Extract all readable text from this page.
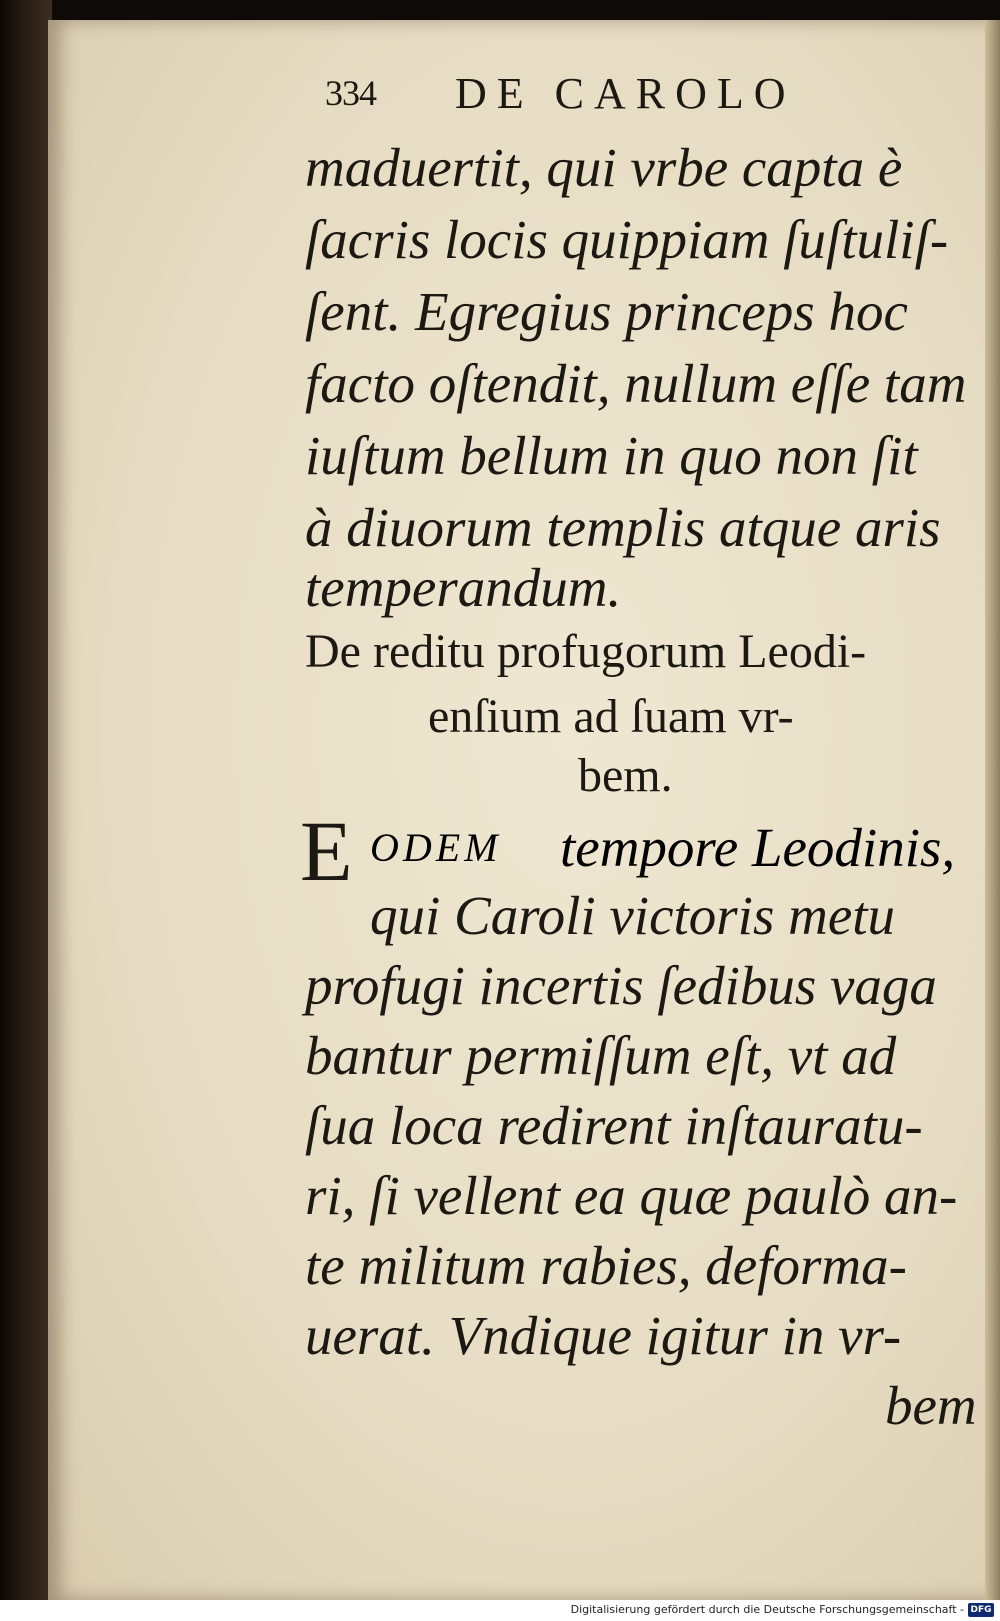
334 DE CAROLO
maduertit, qui vrbe capta è
ſacris locis quippiam ſuſtuliſ-
ſent. Egregius princeps hoc
facto oſtendit, nullum eſſe tam
iuſtum bellum in quo non ſit
à diuorum templis atque aris
temperandum.
De reditu profugorum Leodi-
enſium ad ſuam vr-
bem.
E ODEM tempore Leodinis,
qui Caroli victoris metu
profugi incertis ſedibus vaga
bantur permiſſum eſt, vt ad
ſua loca redirent inſtauratu-
ri, ſi vellent ea quæ paulò an-
te militum rabies, deforma-
uerat. Vndique igitur in vr-
bem
Digitalisierung gefördert durch die Deutsche Forschungsgemeinschaft - DFG
